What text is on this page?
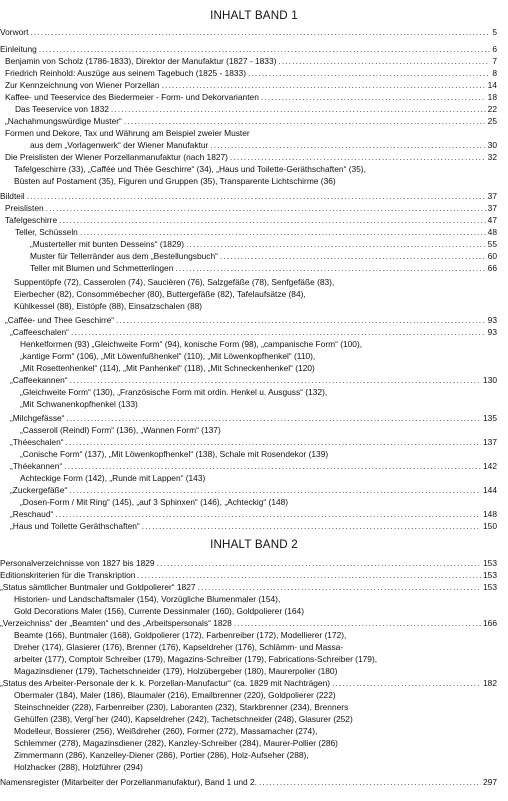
INHALT BAND 1
Vorwort . . .	5
Einleitung . . .	6
Benjamin von Scholz (1786-1833), Direktor der Manufaktur (1827 - 1833) . . .	7
Friedrich Reinhold: Auszüge aus seinem Tagebuch (1825 - 1833) . . .	8
Zur Kennzeichnung von Wiener Porzellan . . .	14
Kaffee- und Teeservice des Biedermeier - Form- und Dekorvarianten . . .	18
Das Teeservice von 1832 . . .	22
„Nachahmungswürdige Muster“ . . .	25
Formen und Dekore, Tax und Währung am Beispiel zweier Muster
aus dem „Vorlagenwerk“ der Wiener Manufaktur . . .	30
Die Preislisten der Wiener Porzellanmanufaktur (nach 1827) . . .	32
Tafelgeschirre (33), „Caffée und Thée Geschirre“ (34), „Haus und Toilette-Geräthschaften“ (35),
Büsten auf Postament (35), Figuren und Gruppen (35), Transparente Lichtschirme (36)
Bildteil . . .	37
Preislisten . . .	37
Tafelgeschirre . . .	47
Teller, Schüsseln . . .	48
„Musterteller mit bunten Desseins“ (1829) . . .	55
Muster für Tellerränder aus dem „Bestellungsbuch“ . . .	60
Teller mit Blumen und Schmetterlingen . . .	66
Suppentöpfe (72), Casserolen (74), Saucièren (76), Salzgefäße (78), Senfgefäße (83),
Eierbecher (82), Consommébecher (80), Buttergefäße (82), Tafelaufsätze (84),
Kühlkessel (88), Eistöpfe (88), Einsatzschalen (88)
„Caffée- und Thee Geschirre“ . . .	93
„Caffeeschalen“ . . .	93
Henkelformen (93) „Gleichweite Form“ (94), konische Form (98), „campanische Form“ (100),
„kantige Form“ (106), „Mit Löwenfußhenkel“ (110), „Mit Löwenkopfhenkel“ (110),
„Mit Rosettenhenkel“ (114), „Mit Panhenkel“ (118), „Mit Schneckenhenkel“ (120)
„Caffeekannen“ . . .	130
„Gleichweite Form“ (130), „Französische Form mit ordin. Henkel u. Ausguss“ (132),
„Mit Schwanenkopfhenkel (133)
„Milchgefässe“ . . .	135
„Casseroll (Reindl) Form“ (136), „Wannen Form“ (137)
„Théeschalen“ . . .	137
„Conische Form“ (137), „Mit Löwenkopfhenkel“ (138), Schale mit Rosendekor (139)
„Théekannen“ . . .	142
Achteckige Form (142), „Runde mit Lappen“ (143)
„Zuckergefäße“ . . .	144
„Dosen-Form / Mit Ring“ (145), „auf 3 Sphinxen“ (146), „Achteckig“ (148)
„Reschaud“ . . .	148
„Haus und Toilette Geräthschaften“ . . .	150
INHALT BAND 2
Personalverzeichnisse von 1827 bis 1829 . . .	153
Editionskriterien für die Transkription . . .	153
„Status sämtlicher Buntmaler und Goldpolierer“ 1827 . . .	153
Historien- und Landschaftsmaler (154), Vorzügliche Blumenmaler (154),
Gold Decorations Maler (156), Currente Dessinmaler (160), Goldpolierer (164)
„Verzeichniss“ der „Beamten“ und des „Arbeitspersonals“ 1828 . . .	166
Beamte (166), Buntmaler (168), Goldpolierer (172), Farbenreiber (172), Modellierer (172),
Dreher (174), Glasierer (176), Brenner (176), Kapseldreher (176), Schlämm- und Massa-
arbeiter (177), Comptoir Schreiber (179), Magazins-Schreiber (179), Fabrications-Schreiber (179),
Magazinsdiener (179), Tachetschneider (179), Holzübergeber (180), Maurerpolier (180)
„Status des Arbeiter-Personale der k. k. Porzellan-Manufactur“ (ca. 1829 mit Nachträgen) . . .	182
Obermaler (184), Maler (186), Blaumaler (216), Emailbrenner (220), Goldpolierer (222)
Steinschneider (228), Farbenreiber (230), Laboranten (232), Starkbrenner (234), Brenners
Gehülfen (238), Vergl¨her (240), Kapseldreher (242), Tachetschneider (248), Glasurer (252)
Modelleur, Bossierer (256), Weißdreher (260), Former (272), Massamacher (274),
Schlemmer (278), Magazinsdiener (282), Kanzley-Schreiber (284), Maurer-Pollier (286)
Zimmermann (286), Kanzelley-Diener (286), Portier (286), Holz-Aufseher (288),
Holzhacker (288), Holzführer (294)
Namensregister (Mitarbeiter der Porzellanmanufaktur), Band 1 und 2. . . .	297
